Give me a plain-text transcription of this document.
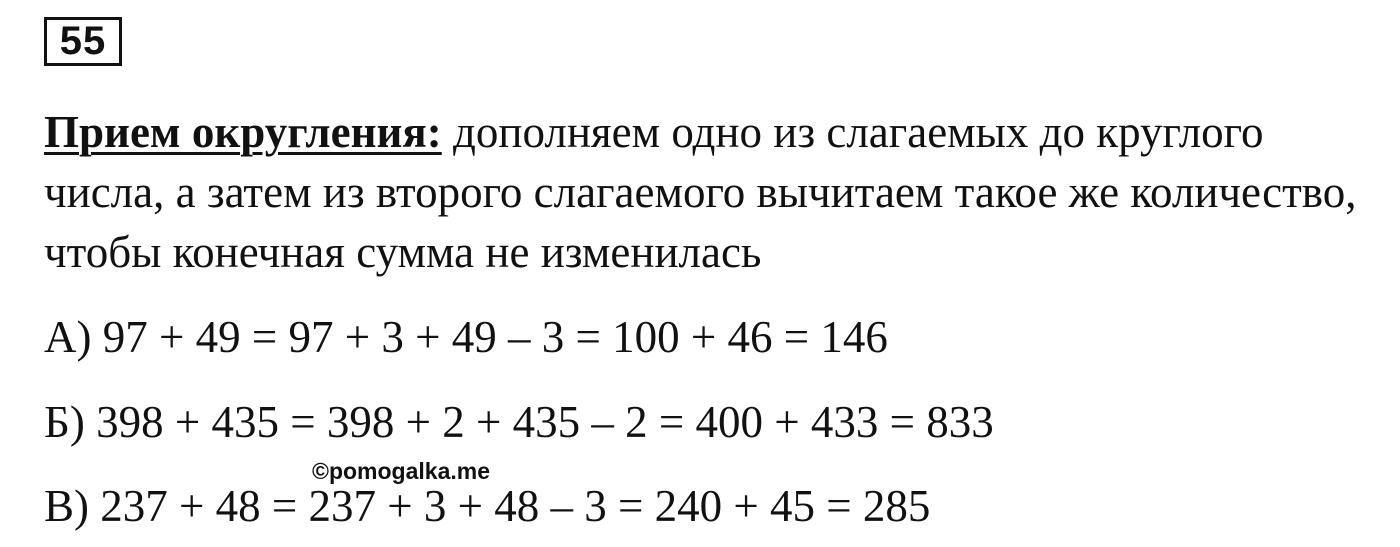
55

Прием округления: дополняем одно из слагаемых до круглого числа, а затем из второго слагаемого вычитаем такое же количество, чтобы конечная сумма не изменилась

А) 97 + 49 = 97 + 3 + 49 – 3 = 100 + 46 = 146

Б) 398 + 435 = 398 + 2 + 435 – 2 = 400 + 433 = 833

В) 237 + 48 = 237 + 3 + 48 – 3 = 240 + 45 = 285

©pomogalka.me
